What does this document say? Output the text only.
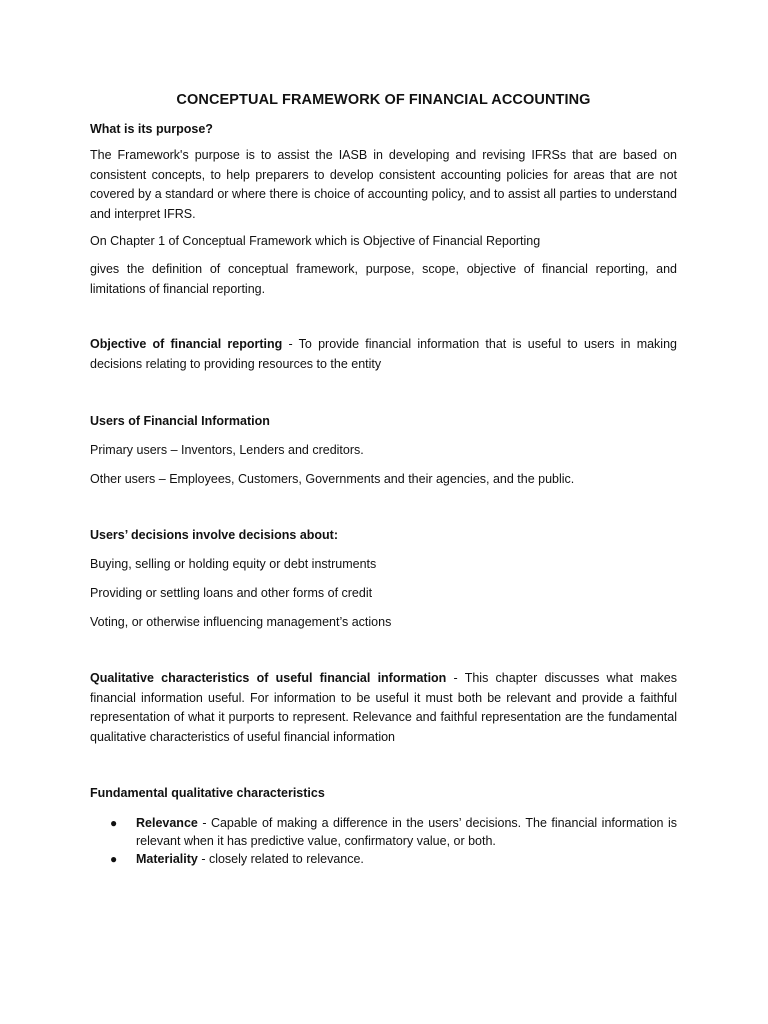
CONCEPTUAL FRAMEWORK OF FINANCIAL ACCOUNTING

What is its purpose?

The Framework's purpose is to assist the IASB in developing and revising IFRSs that are based on consistent concepts, to help preparers to develop consistent accounting policies for areas that are not covered by a standard or where there is choice of accounting policy, and to assist all parties to understand and interpret IFRS.

On Chapter 1 of Conceptual Framework which is Objective of Financial Reporting

gives the definition of conceptual framework, purpose, scope, objective of financial reporting, and limitations of financial reporting.

Objective of financial reporting - To provide financial information that is useful to users in making decisions relating to providing resources to the entity

Users of Financial Information

Primary users – Inventors, Lenders and creditors.

Other users – Employees, Customers, Governments and their agencies, and the public.

Users’ decisions involve decisions about:

Buying, selling or holding equity or debt instruments

Providing or settling loans and other forms of credit

Voting, or otherwise influencing management’s actions

Qualitative characteristics of useful financial information - This chapter discusses what makes financial information useful. For information to be useful it must both be relevant and provide a faithful representation of what it purports to represent. Relevance and faithful representation are the fundamental qualitative characteristics of useful financial information

Fundamental qualitative characteristics

● Relevance - Capable of making a difference in the users’ decisions. The financial information is relevant when it has predictive value, confirmatory value, or both.
● Materiality - closely related to relevance.
